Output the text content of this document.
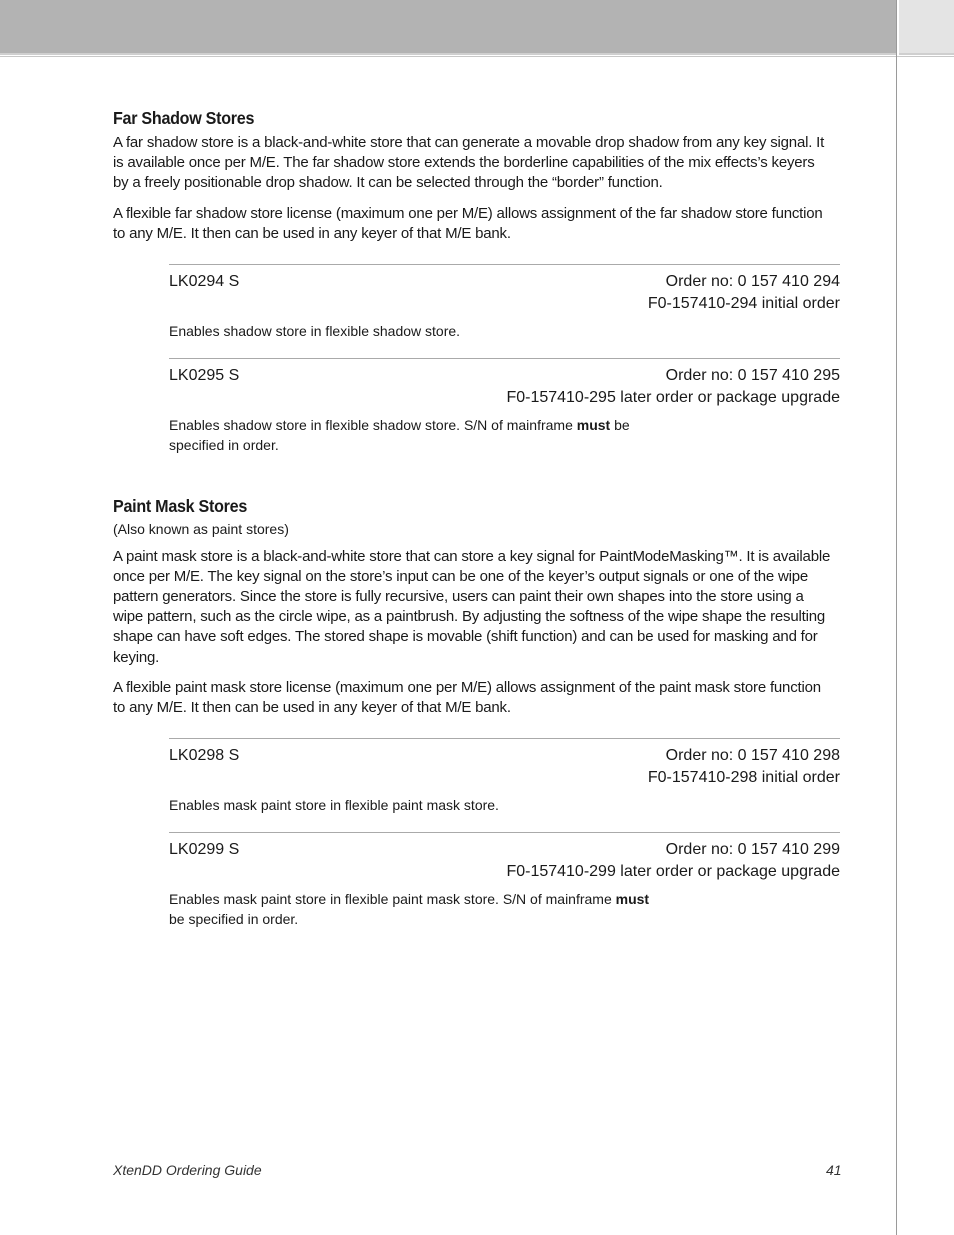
Far Shadow Stores

A far shadow store is a black-and-white store that can generate a movable drop shadow from any key signal. It is available once per M/E. The far shadow store extends the borderline capabilities of the mix effects’s keyers by a freely positionable drop shadow. It can be selected through the “border” function.

A flexible far shadow store license (maximum one per M/E) allows assignment of the far shadow store function to any M/E. It then can be used in any keyer of that M/E bank.

LK0294 S	Order no: 0 157 410 294
F0-157410-294 initial order
Enables shadow store in flexible shadow store.
LK0295 S	Order no: 0 157 410 295
F0-157410-295 later order or package upgrade
Enables shadow store in flexible shadow store. S/N of mainframe must be specified in order.
Paint Mask Stores

(Also known as paint stores)

A paint mask store is a black-and-white store that can store a key signal for PaintModeMasking™. It is available once per M/E. The key signal on the store’s input can be one of the keyer’s output signals or one of the wipe pattern generators. Since the store is fully recursive, users can paint their own shapes into the store using a wipe pattern, such as the circle wipe, as a paintbrush. By adjusting the softness of the wipe shape the resulting shape can have soft edges. The stored shape is movable (shift function) and can be used for masking and for keying.

A flexible paint mask store license (maximum one per M/E) allows assignment of the paint mask store function to any M/E. It then can be used in any keyer of that M/E bank.

LK0298 S	Order no: 0 157 410 298
F0-157410-298 initial order
Enables mask paint store in flexible paint mask store.
LK0299 S	Order no: 0 157 410 299
F0-157410-299 later order or package upgrade
Enables mask paint store in flexible paint mask store. S/N of mainframe must be specified in order.
XtenDD Ordering Guide	41
